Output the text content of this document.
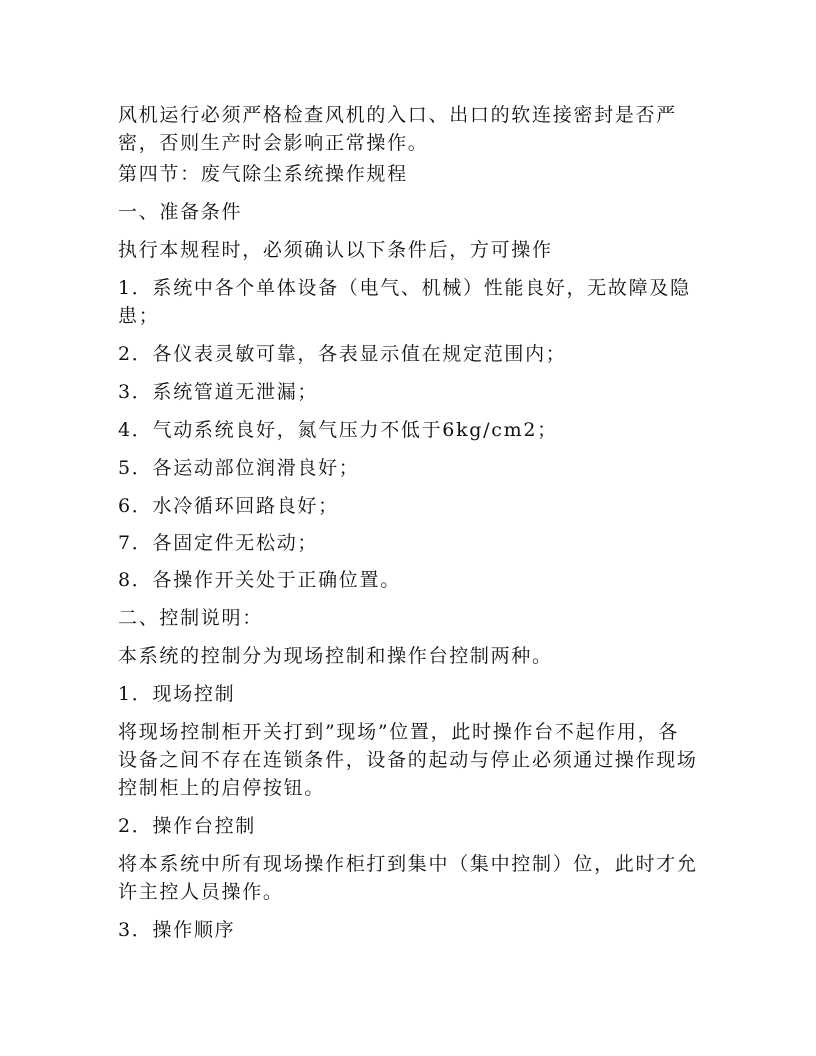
风机运行必须严格检查风机的入口、出口的软连接密封是否严
密，否则生产时会影响正常操作。
第四节：废气除尘系统操作规程
一、准备条件
执行本规程时，必须确认以下条件后，方可操作
1．系统中各个单体设备（电气、机械）性能良好，无故障及隐
患；
2．各仪表灵敏可靠，各表显示值在规定范围内；
3．系统管道无泄漏；
4．气动系统良好，氮气压力不低于6kg/cm2；
5．各运动部位润滑良好；
6．水冷循环回路良好；
7．各固定件无松动；
8．各操作开关处于正确位置。
二、控制说明：
本系统的控制分为现场控制和操作台控制两种。
1．现场控制
将现场控制柜开关打到”现场”位置，此时操作台不起作用，各
设备之间不存在连锁条件，设备的起动与停止必须通过操作现场
控制柜上的启停按钮。
2．操作台控制
将本系统中所有现场操作柜打到集中（集中控制）位，此时才允
许主控人员操作。
3．操作顺序
